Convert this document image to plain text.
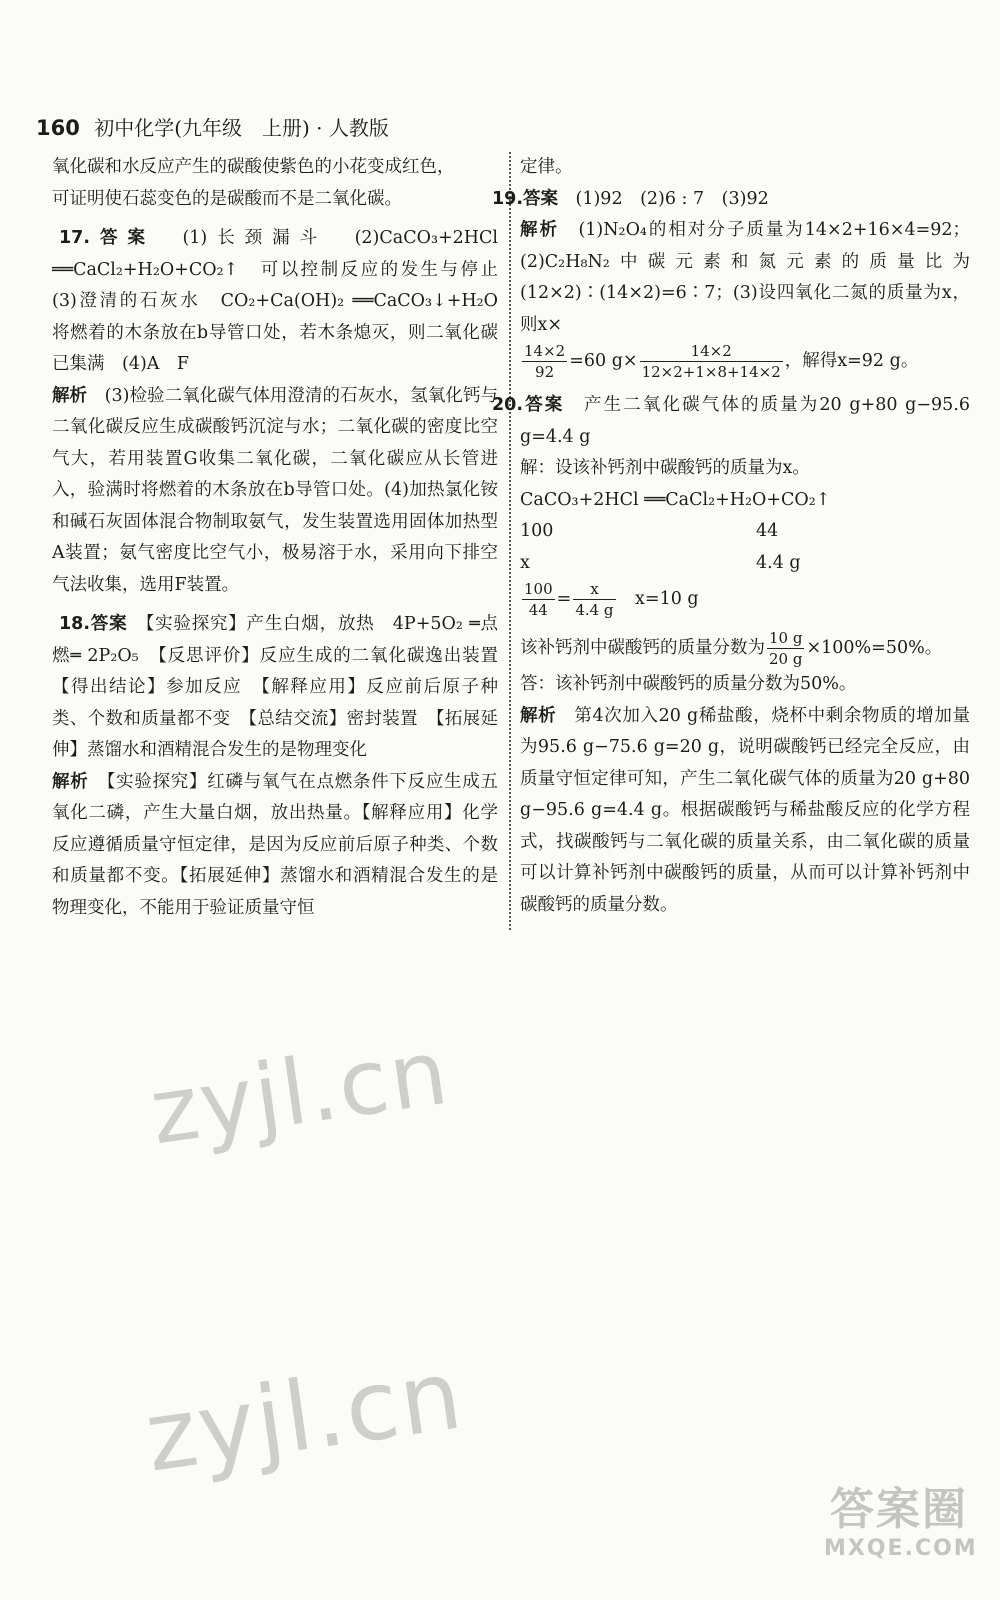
160 初中化学(九年级　上册) · 人教版

氧化碳和水反应产生的碳酸使紫色的小花变成红色，
可证明使石蕊变色的是碳酸而不是二氧化碳。

17.答案　 (1)长颈漏斗　(2)CaCO₃+2HCl ══CaCl₂+H₂O+CO₂↑　可以控制反应的发生与停止　(3)澄清的石灰水　CO₂+Ca(OH)₂ ══CaCO₃↓+H₂O　将燃着的木条放在b导管口处，若木条熄灭，则二氧化碳已集满　(4)A　F

解析　 (3)检验二氧化碳气体用澄清的石灰水，氢氧化钙与二氧化碳反应生成碳酸钙沉淀与水；二氧化碳的密度比空气大，若用装置G收集二氧化碳，二氧化碳应从长管进入，验满时将燃着的木条放在b导管口处。(4)加热氯化铵和碱石灰固体混合物制取氨气，发生装置选用固体加热型A装置；氨气密度比空气小，极易溶于水，采用向下排空气法收集，选用F装置。

18.答案　 【实验探究】产生白烟，放热　4P+5O₂ ═点燃═ 2P₂O₅　【反思评价】反应生成的二氧化碳逸出装置　【得出结论】参加反应　【解释应用】反应前后原子种类、个数和质量都不变　【总结交流】密封装置　【拓展延伸】蒸馏水和酒精混合发生的是物理变化

解析　 【实验探究】红磷与氧气在点燃条件下反应生成五氧化二磷，产生大量白烟，放出热量。【解释应用】化学反应遵循质量守恒定律，是因为反应前后原子种类、个数和质量都不变。【拓展延伸】蒸馏水和酒精混合发生的是物理变化，不能用于验证质量守恒

定律。

19.答案　 (1)92　(2)6 : 7　(3)92

解析　 (1)N₂O₄的相对分子质量为14×2+16×4=92；(2)C₂H₈N₂中碳元素和氮元素的质量比为(12×2)∶(14×2)=6∶7；(3)设四氧化二氮的质量为x，则x×

$\frac{14\times 2}{92} =60$ $g\times \frac{14\times 2}{12\times 2+1\times 8+14\times 2}$ ，解得x=92 g。

20.答案　 产生二氧化碳气体的质量为20 g+80 g−95.6 g=4.4 g

解：设该补钙剂中碳酸钙的质量为x。

CaCO₃+2HCl ══CaCl₂+H₂O+CO₂↑

100	44

x	4.4 g

$\frac{100}{44} = \frac{x}{4.4 g}$
　 x=10 g

该补钙剂中碳酸钙的质量分数为 $\frac{10 g}{20 g} \times 100\%=50\%$。

答：该补钙剂中碳酸钙的质量分数为50%。

解析　 第4次加入20 g稀盐酸，烧杯中剩余物质的增加量为95.6 g−75.6 g=20 g，说明碳酸钙已经完全反应，由质量守恒定律可知，产生二氧化碳气体的质量为20 g+80 g−95.6 g=4.4 g。根据碳酸钙与稀盐酸反应的化学方程式，找碳酸钙与二氧化碳的质量关系，由二氧化碳的质量可以计算补钙剂中碳酸钙的质量，从而可以计算补钙剂中碳酸钙的质量分数。

zyjl.cn
zyjl.cn
答案圈
MXQE.COM
